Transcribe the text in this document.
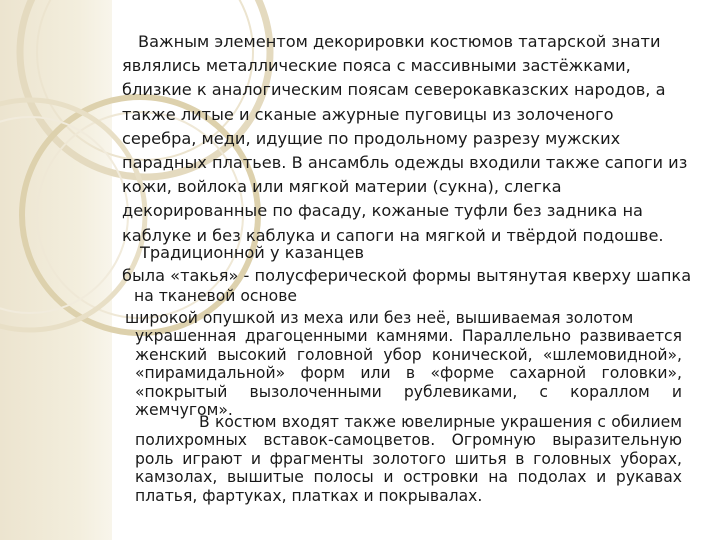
Важным элементом декорировки костюмов татарской знати являлись металлические пояса с массивными застёжками, близкие к аналогическим поясам северокавказских народов, а также литые и сканые ажурные пуговицы из золоченого серебра, меди, идущие по продольному разрезу мужских парадных платьев. В ансамбль одежды входили также сапоги из кожи, войлока или мягкой материи (сукна), слегка декорированные по фасаду, кожаные туфли без задника на каблуке и без каблука и сапоги на мягкой и твёрдой подошве.

Традиционной у казанцев

была «такья» - полусферической формы вытянутая кверху шапка

на тканевой основе

широкой опушкой из меха или без неё, вышиваемая золотом украшенная драгоценными камнями. Параллельно развивается женский высокий головной убор конической, «шлемовидной», «пирамидальной» форм или в «форме сахарной головки», «покрытый вызолоченными рублевиками, с кораллом и жемчугом».

В костюм входят также ювелирные украшения с обилием полихромных вставок-самоцветов. Огромную выразительную роль играют и фрагменты золотого шитья в головных уборах, камзолах, вышитые полосы и островки на подолах и рукавах платья, фартуках, платках и покрывалах.
